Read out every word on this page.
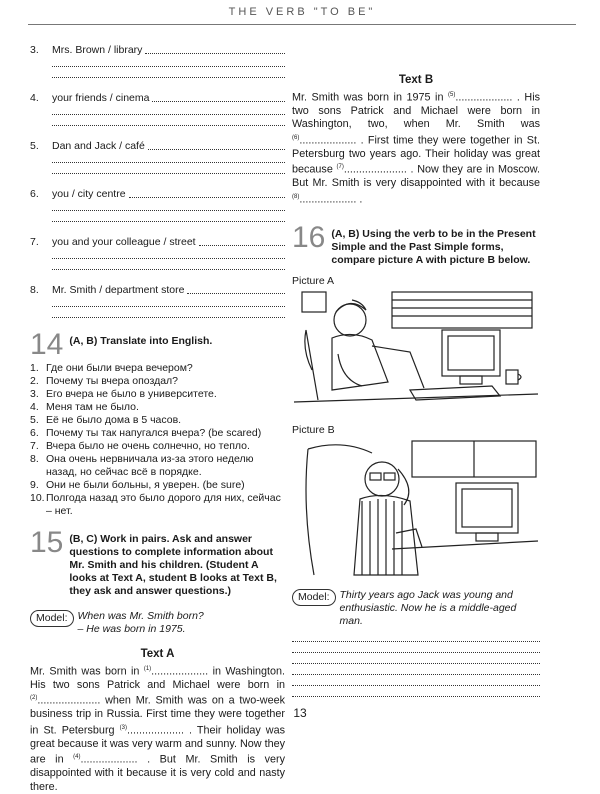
THE VERB "TO BE"
3.	Mrs. Brown / library
4.	your friends / cinema
5.	Dan and Jack / café
6.	you / city centre
7.	you and your colleague / street
8.	Mr. Smith / department store
14 (A, B) Translate into English.
1. Где они были вчера вечером?
2. Почему ты вчера опоздал?
3. Его вчера не было в университете.
4. Меня там не было.
5. Её не было дома в 5 часов.
6. Почему ты так напугался вчера? (be scared)
7. Вчера было не очень солнечно, но тепло.
8. Она очень нервничала из-за этого неделю назад, но сейчас всё в порядке.
9. Они не были больны, я уверен. (be sure)
10. Полгода назад это было дорого для них, сейчас – нет.
15 (B, C) Work in pairs. Ask and answer questions to complete information about Mr. Smith and his children. (Student A looks at Text A, student B looks at Text B, they ask and answer questions.)
Model: When was Mr. Smith born?
– He was born in 1975.
Text A
Mr. Smith was born in $^{(1)}$................... in Washington. His two sons Patrick and Michael were born in $^{(2)}$..................... when Mr. Smith was on a two-week business trip in Russia. First time they were together in St. Petersburg $^{(3)}$................... . Their holiday was great because it was very warm and sunny. Now they are in $^{(4)}$................... . But Mr. Smith is very disappointed with it because it is very cold and nasty there.
Text B
Mr. Smith was born in 1975 in $^{(5)}$................... . His two sons Patrick and Michael were born in Washington, two, when Mr. Smith was $^{(6)}$................... . First time they were together in St. Petersburg two years ago. Their holiday was great because $^{(7)}$..................... . Now they are in Moscow. But Mr. Smith is very disappointed with it because $^{(8)}$................... .
16 (A, B) Using the verb to be in the Present Simple and the Past Simple forms, compare picture A with picture B below.
Picture A
Picture B
Model: Thirty years ago Jack was young and enthusiastic. Now he is a middle-aged man.
13
